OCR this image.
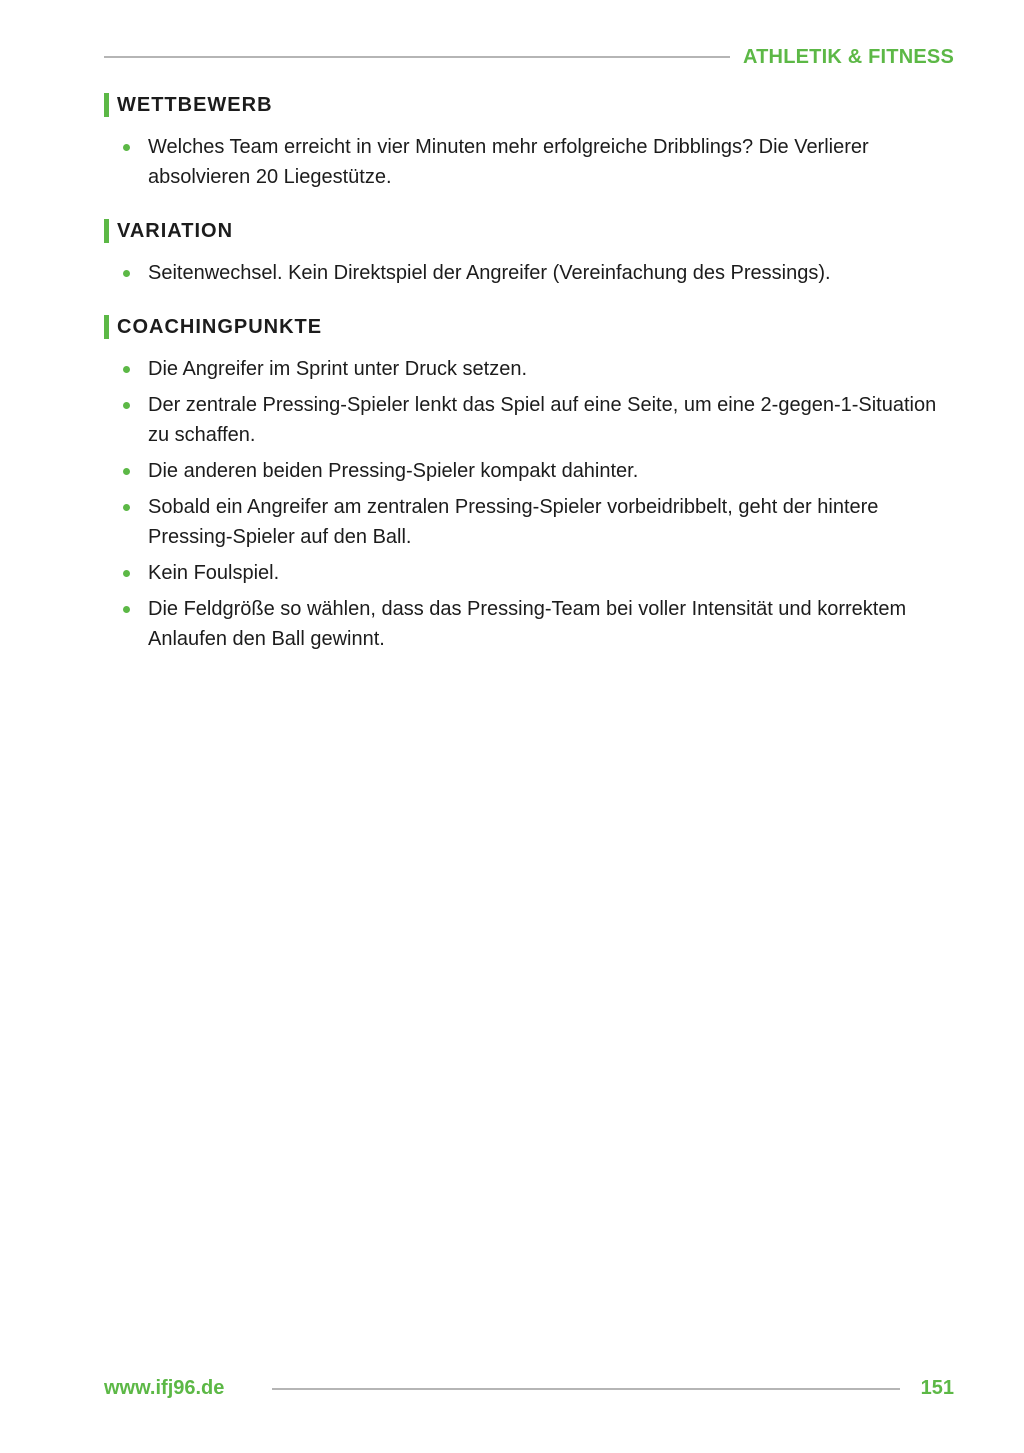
ATHLETIK & FITNESS
WETTBEWERB
Welches Team erreicht in vier Minuten mehr erfolgreiche Dribblings? Die Verlierer absolvieren 20 Liegestütze.
VARIATION
Seitenwechsel. Kein Direktspiel der Angreifer (Vereinfachung des Pressings).
COACHINGPUNKTE
Die Angreifer im Sprint unter Druck setzen.
Der zentrale Pressing-Spieler lenkt das Spiel auf eine Seite, um eine 2-gegen-1-Situation zu schaffen.
Die anderen beiden Pressing-Spieler kompakt dahinter.
Sobald ein Angreifer am zentralen Pressing-Spieler vorbeidribbelt, geht der hintere Pressing-Spieler auf den Ball.
Kein Foulspiel.
Die Feldgröße so wählen, dass das Pressing-Team bei voller Intensität und korrektem Anlaufen den Ball gewinnt.
www.ifj96.de	151
